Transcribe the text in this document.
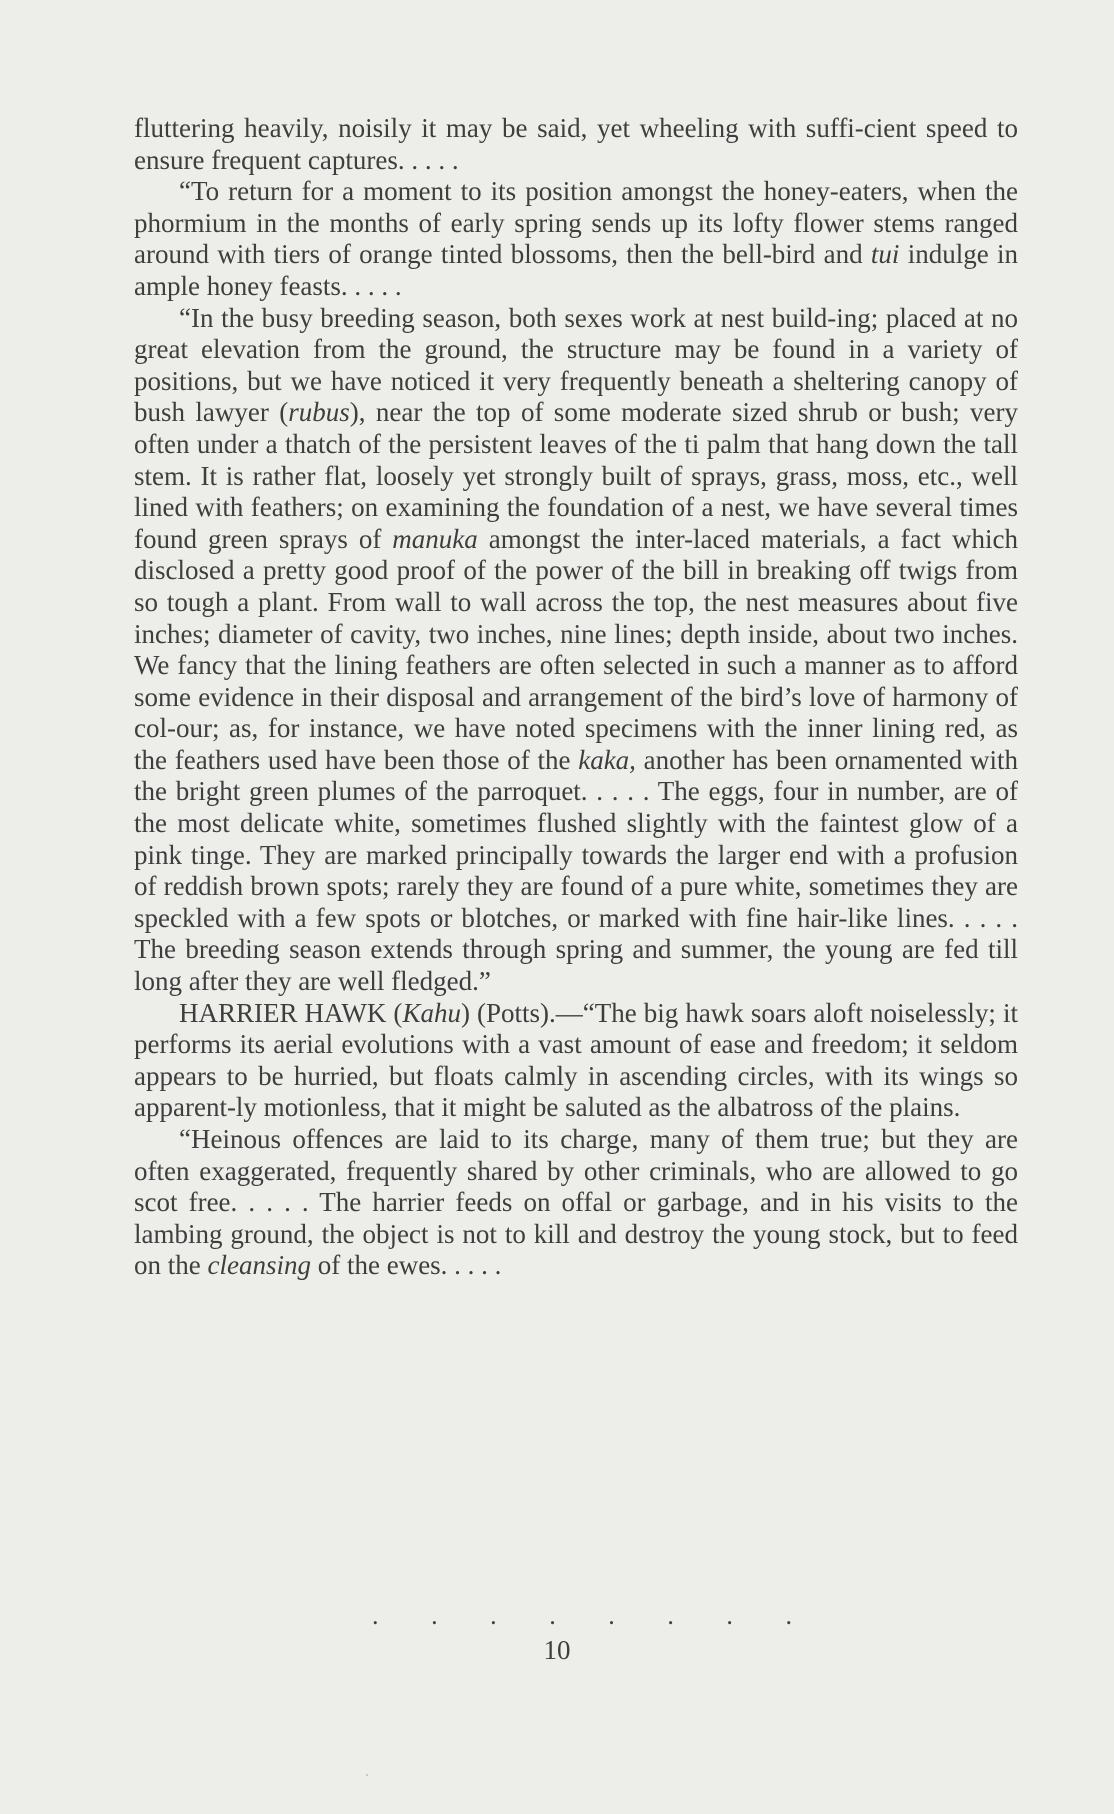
fluttering heavily, noisily it may be said, yet wheeling with suffi-cient speed to ensure frequent captures. . . . .

“To return for a moment to its position amongst the honey-eaters, when the phormium in the months of early spring sends up its lofty flower stems ranged around with tiers of orange tinted blossoms, then the bell-bird and tui indulge in ample honey feasts. . . . .

“In the busy breeding season, both sexes work at nest build-ing; placed at no great elevation from the ground, the structure may be found in a variety of positions, but we have noticed it very frequently beneath a sheltering canopy of bush lawyer (rubus), near the top of some moderate sized shrub or bush; very often under a thatch of the persistent leaves of the ti palm that hang down the tall stem. It is rather flat, loosely yet strongly built of sprays, grass, moss, etc., well lined with feathers; on examining the foundation of a nest, we have several times found green sprays of manuka amongst the inter-laced materials, a fact which disclosed a pretty good proof of the power of the bill in breaking off twigs from so tough a plant. From wall to wall across the top, the nest measures about five inches; diameter of cavity, two inches, nine lines; depth inside, about two inches. We fancy that the lining feathers are often selected in such a manner as to afford some evidence in their disposal and arrangement of the bird’s love of harmony of col-our; as, for instance, we have noted specimens with the inner lining red, as the feathers used have been those of the kaka, another has been ornamented with the bright green plumes of the parroquet. . . . . The eggs, four in number, are of the most delicate white, sometimes flushed slightly with the faintest glow of a pink tinge. They are marked principally towards the larger end with a profusion of reddish brown spots; rarely they are found of a pure white, sometimes they are speckled with a few spots or blotches, or marked with fine hair-like lines. . . . . The breeding season extends through spring and summer, the young are fed till long after they are well fledged.”

HARRIER HAWK (Kahu) (Potts).—“The big hawk soars aloft noiselessly; it performs its aerial evolutions with a vast amount of ease and freedom; it seldom appears to be hurried, but floats calmly in ascending circles, with its wings so apparent-ly motionless, that it might be saluted as the albatross of the plains.

“Heinous offences are laid to its charge, many of them true; but they are often exaggerated, frequently shared by other criminals, who are allowed to go scot free. . . . . The harrier feeds on offal or garbage, and in his visits to the lambing ground, the object is not to kill and destroy the young stock, but to feed on the cleansing of the ewes. . . . .

. . . . . . . .
10
